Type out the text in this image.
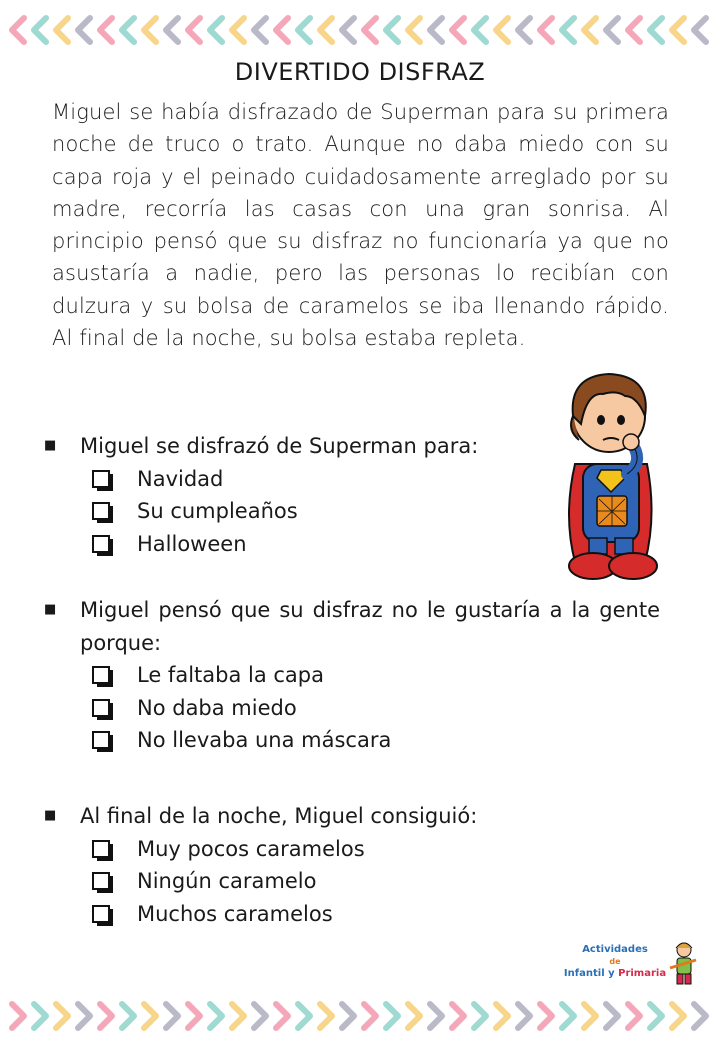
DIVERTIDO DISFRAZ
Miguel se había disfrazado de Superman para su primera noche de truco o trato. Aunque no daba miedo con su capa roja y el peinado cuidadosamente arreglado por su madre, recorría las casas con una gran sonrisa. Al principio pensó que su disfraz no funcionaría ya que no asustaría a nadie, pero las personas lo recibían con dulzura y su bolsa de caramelos se iba llenando rápido. Al final de la noche, su bolsa estaba repleta.
■	Miguel se disfrazó de Superman para:
Navidad
Su cumpleaños
Halloween
■	Miguel pensó que su disfraz no le gustaría a la gente porque:
Le faltaba la capa
No daba miedo
No llevaba una máscara
■	Al final de la noche, Miguel consiguió:
Muy pocos caramelos
Ningún caramelo
Muchos caramelos
Actividades
de
Infantil y Primaria
